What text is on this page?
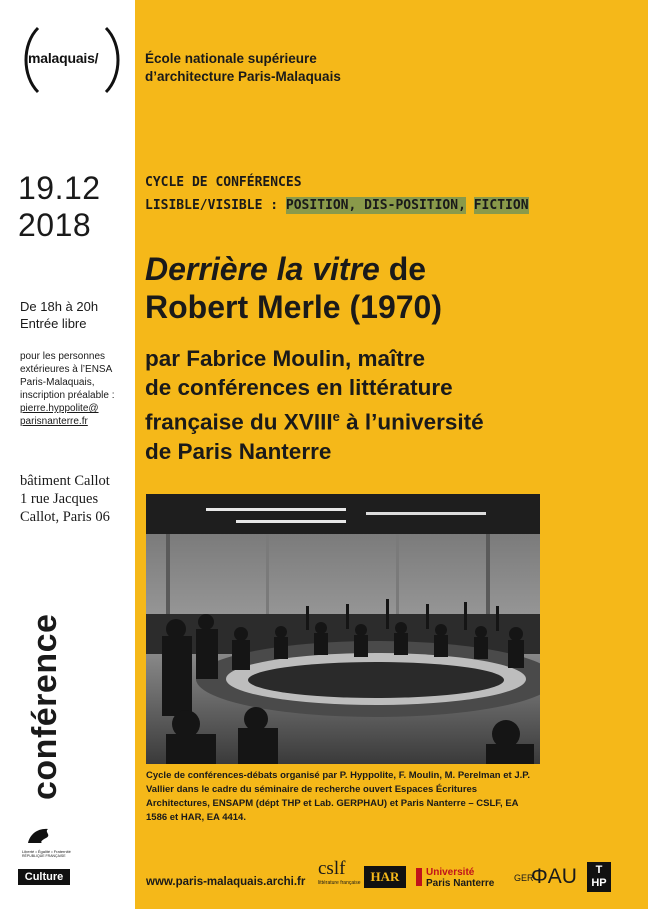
malaquais/
19.12
2018
De 18h à 20h
Entrée libre
pour les personnes
extérieures à l’ENSA
Paris-Malaquais,
inscription préalable :
pierre.hyppolite@
parisnanterre.fr
bâtiment Callot
1 rue Jacques
Callot, Paris 06
conférence
Liberté • Égalité • Fraternité
RÉPUBLIQUE FRANÇAISE
Culture
École nationale supérieure
d’architecture Paris-Malaquais
CYCLE DE CONFÉRENCES
LISIBLE/VISIBLE : POSITION, DIS-POSITION, FICTION
Derrière la vitre de
Robert Merle (1970)
par Fabrice Moulin, maître
de conférences en littérature
française du XVIIIe à l’université
de Paris Nanterre
Cycle de conférences-débats organisé par P. Hyppolite, F. Moulin, M. Perelman et J.P. Vallier dans le cadre du séminaire de recherche ouvert Espaces Écritures Architectures, ENSAPM (dépt THP et Lab. GERPHAU) et Paris Nanterre – CSLF, EA 1586 et HAR, EA 4414.
www.paris-malaquais.archi.fr
cslf
littérature française HAR	Université
Paris Nanterre GER
ΦAU	T
HP
